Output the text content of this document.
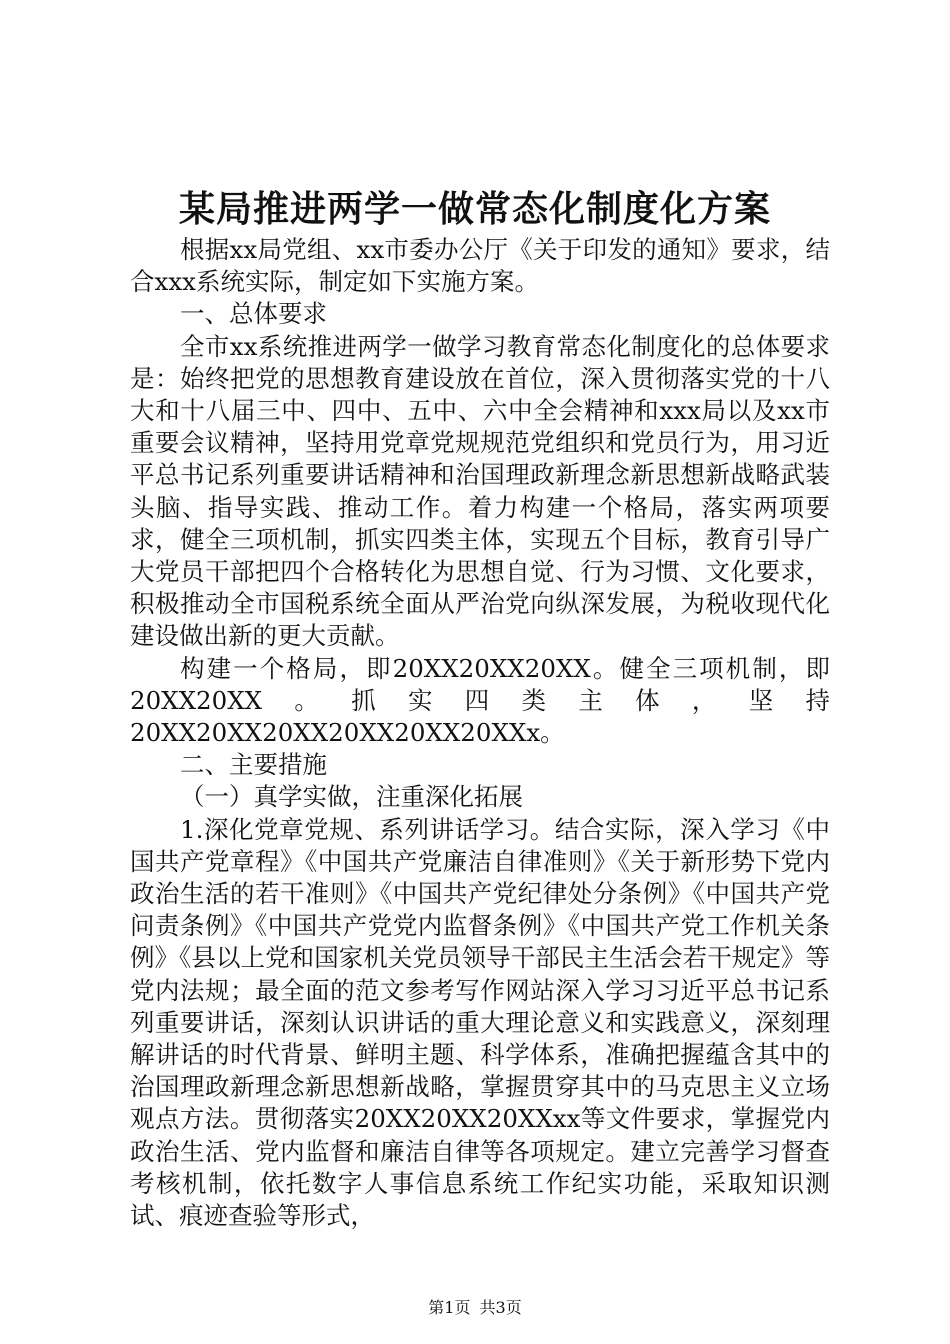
某局推进两学一做常态化制度化方案

根据xx局党组、xx市委办公厅《关于印发的通知》要求，结合xxx系统实际，制定如下实施方案。

一、总体要求

全市xx系统推进两学一做学习教育常态化制度化的总体要求是：始终把党的思想教育建设放在首位，深入贯彻落实党的十八大和十八届三中、四中、五中、六中全会精神和xxx局以及xx市重要会议精神，坚持用党章党规规范党组织和党员行为，用习近平总书记系列重要讲话精神和治国理政新理念新思想新战略武装头脑、指导实践、推动工作。着力构建一个格局，落实两项要求，健全三项机制，抓实四类主体，实现五个目标，教育引导广大党员干部把四个合格转化为思想自觉、行为习惯、文化要求，积极推动全市国税系统全面从严治党向纵深发展，为税收现代化建设做出新的更大贡献。

构建一个格局，即20XX20XX20XX。健全三项机制，即20XX20XX。抓实四类主体，坚持20XX20XX20XX20XX20XX20XXx。

二、主要措施

（一）真学实做，注重深化拓展

1.深化党章党规、系列讲话学习。结合实际，深入学习《中国共产党章程》《中国共产党廉洁自律准则》《关于新形势下党内政治生活的若干准则》《中国共产党纪律处分条例》《中国共产党问责条例》《中国共产党党内监督条例》《中国共产党工作机关条例》《县以上党和国家机关党员领导干部民主生活会若干规定》等党内法规；最全面的范文参考写作网站深入学习习近平总书记系列重要讲话，深刻认识讲话的重大理论意义和实践意义，深刻理解讲话的时代背景、鲜明主题、科学体系，准确把握蕴含其中的治国理政新理念新思想新战略，掌握贯穿其中的马克思主义立场观点方法。贯彻落实20XX20XX20XXxx等文件要求，掌握党内政治生活、党内监督和廉洁自律等各项规定。建立完善学习督查考核机制，依托数字人事信息系统工作纪实功能，采取知识测试、痕迹查验等形式，

第1页 共3页
